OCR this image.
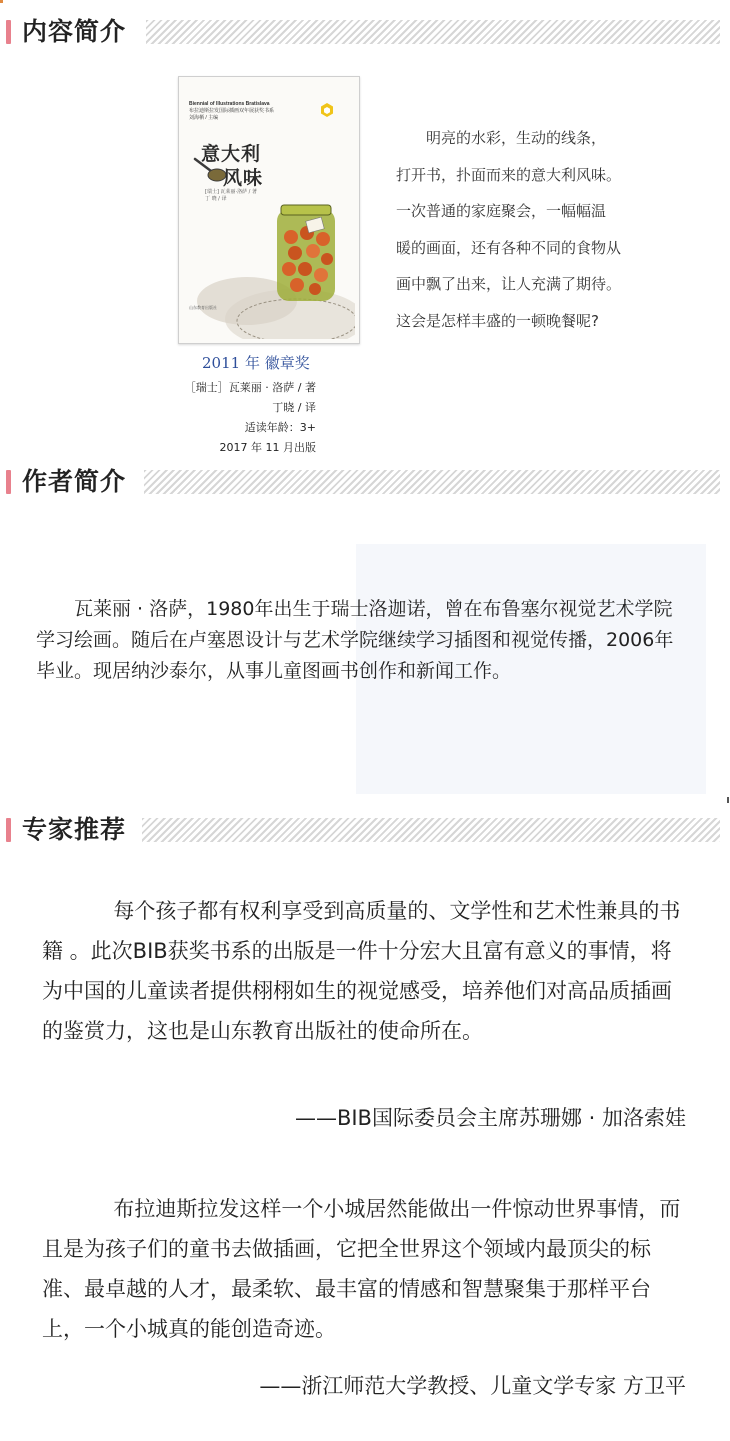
内容简介
Biennial of Illustrations Bratislava
布拉迪斯拉发国际插画双年展获奖书系
刘海栖 / 主编
意大利
风味
[瑞士] 瓦莱丽·洛萨 / 著
丁 晓 / 译
山东教育出版社
2011 年 徽章奖
［瑞士］瓦莱丽 · 洛萨 / 著
丁晓 / 译
适读年龄：3+
2017 年 11 月出版

　　明亮的水彩，生动的线条，

打开书，扑面而来的意大利风味。

一次普通的家庭聚会，一幅幅温

暖的画面，还有各种不同的食物从

画中飘了出来，让人充满了期待。

这会是怎样丰盛的一顿晚餐呢?

作者简介

瓦莱丽 · 洛萨，1980年出生于瑞士洛迦诺，曾在布鲁塞尔视觉艺术学院学习绘画。随后在卢塞恩设计与艺术学院继续学习插图和视觉传播，2006年毕业。现居纳沙泰尔，从事儿童图画书创作和新闻工作。

专家推荐

每个孩子都有权利享受到高质量的、文学性和艺术性兼具的书籍 。此次BIB获奖书系的出版是一件十分宏大且富有意义的事情，将为中国的儿童读者提供栩栩如生的视觉感受，培养他们对高品质插画的鉴赏力，这也是山东教育出版社的使命所在。

——BIB国际委员会主席苏珊娜 · 加洛索娃

布拉迪斯拉发这样一个小城居然能做出一件惊动世界事情，而且是为孩子们的童书去做插画，它把全世界这个领域内最顶尖的标准、最卓越的人才，最柔软、最丰富的情感和智慧聚集于那样平台上，一个小城真的能创造奇迹。

——浙江师范大学教授、儿童文学专家 方卫平
